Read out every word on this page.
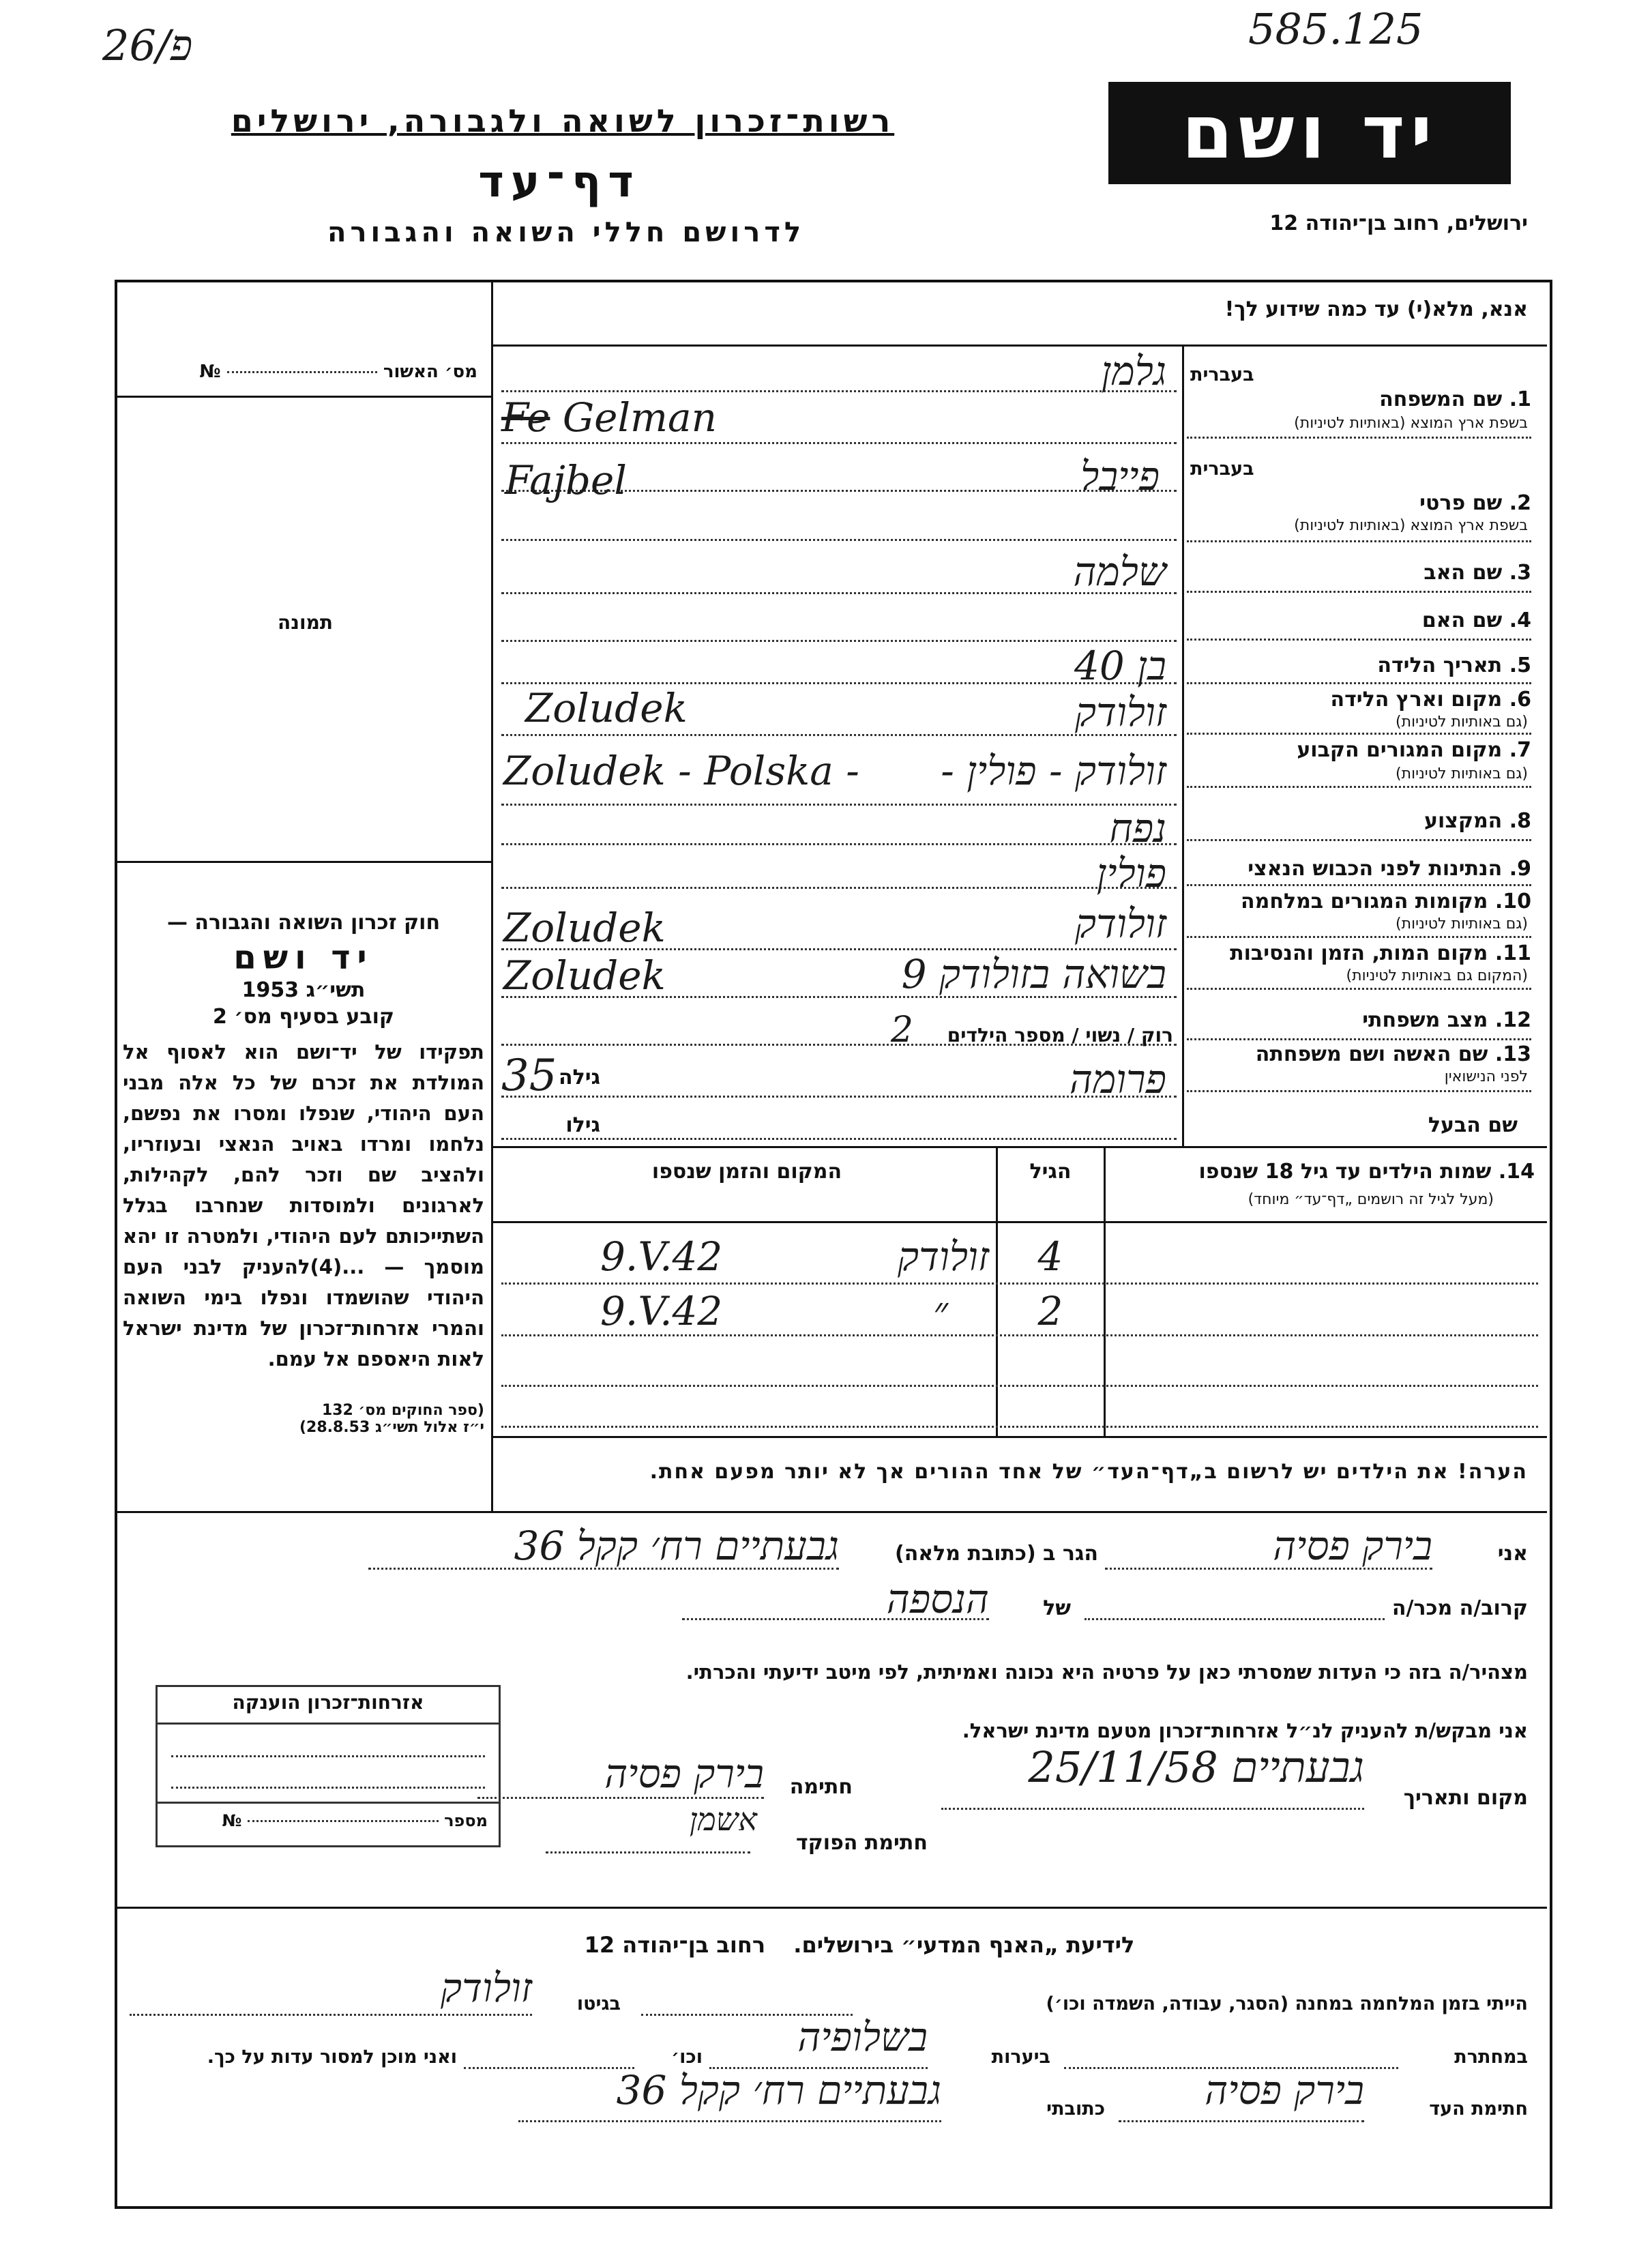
פ/26	585.125
רשות־זכרון לשואה ולגבורה, ירושלים
דף־עד
לדרושם חללי השואה והגבורה
יד ושם
ירושלים, רחוב בן־יהודה 12
אנא, מלא(י) עד כמה שידוע לך!
מס׳ האשור  №
תמונה
חוק זכרון השואה והגבורה —
יד ושם
תשי״ג 1953
קובע בסעיף מס׳ 2
תפקידו של יד־ושם הוא לאסוף אל המולדת את זכרם של כל אלה מבני העם היהודי, שנפלו ומסרו את נפשם, נלחמו ומרדו באויב הנאצי ובעוזריו, ולהציב שם וזכר להם, לקהילות, לארגונים ולמוסדות שנחרבו בגלל השתייכותם לעם היהודי, ולמטרה זו יהא מוסמך — ...(4)להעניק לבני העם היהודי שהושמדו ונפלו בימי השואה והמרי אזרחות־זכרון של מדינת ישראל לאות היאספם אל עמם.
(ספר החוקים מס׳ 132
י״ז אלול תשי״ג 28.8.53)
1. שם המשפחה
בעברית
בשפת ארץ המוצא (באותיות לטיניות)
2. שם פרטי
בעברית
בשפת ארץ המוצא (באותיות לטיניות)
3. שם האב
4. שם האם
5. תאריך הלידה
6. מקום וארץ הלידה
(גם באותיות לטיניות)
7. מקום המגורים הקבוע
(גם באותיות לטיניות)
8. המקצוע
9. הנתינות לפני הכבוש הנאצי
10. מקומות המגורים במלחמה
(גם באותיות לטיניות)
11. מקום המות, הזמן והנסיבות
(המקום גם באותיות לטיניות)
12. מצב משפחתי
13. שם האשה ושם משפחתה
לפני הנישואין
שם הבעל
גלמן
Fe Gelman
פייבל
Fajbel
שלמה
בן 40
זולודק
Zoludek
זולודק - פולין -
Zoludek - Polska -
נפח
פולין
זולודק
Zoludek
בשואה בזולודק 9
Zoludek
רוק / נשוי / מספר הילדים 2
פרומה
גילה
35
גילו
14. שמות הילדים עד גיל 18 שנספו
(מעל לגיל זה רושמים „דף־עד״ מיוחד)
הגיל
המקום והזמן שנספו
4
זולודק
9.V.42
2
״
9.V.42
הערה! את הילדים יש לרשום ב„דף־העד״ של אחד ההורים אך לא יותר מפעם אחת.
אני
בירק פסיה
הגר ב (כתובת מלאה)
גבעתיים רח׳ קקל 36
קרוב/ה מכר/ה
של
הנספה
מצהיר/ה בזה כי העדות שמסרתי כאן על פרטיה היא נכונה ואמיתית, לפי מיטב ידיעתי והכרתי.
אני מבקש/ת להעניק לנ״ל אזרחות־זכרון מטעם מדינת ישראל.
מקום ותאריך
גבעתיים 25/11/58
חתימה
בירק פסיה
חתימת הפוקד
אשמן
אזרחות־זכרון הוענקה
מספר  №
לידיעת „האנף המדעי״ בירושלים. רחוב בן־יהודה 12
הייתי בזמן המלחמה במחנה (הסגר, עבודה, השמדה וכו׳)
בגיטו
זולודק
במחתרת
ביערות
בשלופיה
וכו׳
ואני מוכן למסור עדות על כך.
חתימת העד
בירק פסיה
כתובתי
גבעתיים רח׳ קקל 36
